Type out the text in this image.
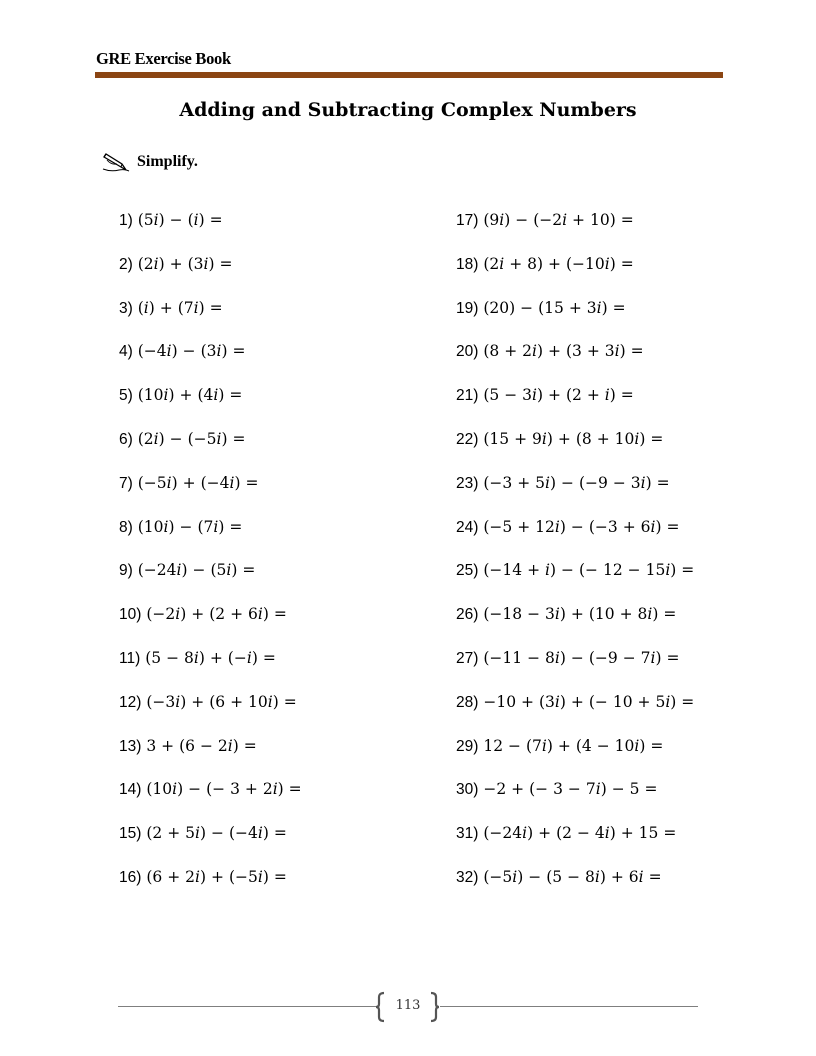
GRE Exercise Book
Adding and Subtracting Complex Numbers
Simplify.
1) (5i) − (i) =
2) (2i) + (3i) =
3) (i) + (7i) =
4) (−4i) − (3i) =
5) (10i) + (4i) =
6) (2i) − (−5i) =
7) (−5i) + (−4i) =
8) (10i) − (7i) =
9) (−24i) − (5i) =
10) (−2i) + (2 + 6i) =
11) (5 − 8i) + (−i) =
12) (−3i) + (6 + 10i) =
13) 3 + (6 − 2i) =
14) (10i) − (− 3 + 2i) =
15) (2 + 5i) − (−4i) =
16) (6 + 2i) + (−5i) =
17) (9i) − (−2i + 10) =
18) (2i + 8) + (−10i) =
19) (20) − (15 + 3i) =
20) (8 + 2i) + (3 + 3i) =
21) (5 − 3i) + (2 + i) =
22) (15 + 9i) + (8 + 10i) =
23) (−3 + 5i) − (−9 − 3i) =
24) (−5 + 12i) − (−3 + 6i) =
25) (−14 + i) − (− 12 − 15i) =
26) (−18 − 3i) + (10 + 8i) =
27) (−11 − 8i) − (−9 − 7i) =
28) −10 + (3i) + (− 10 + 5i) =
29) 12 − (7i) + (4 − 10i) =
30) −2 + (− 3 − 7i) − 5 =
31) (−24i) + (2 − 4i) + 15 =
32) (−5i) − (5 − 8i) + 6i =
113
